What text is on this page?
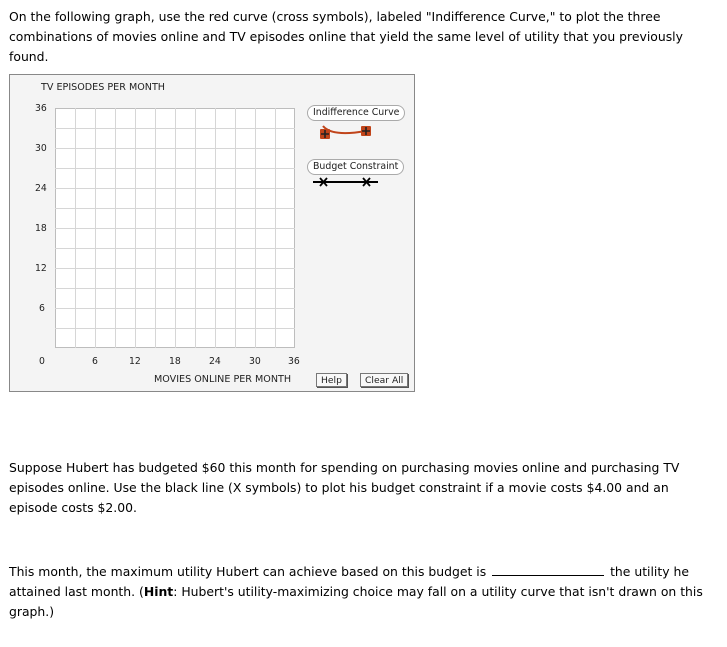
On the following graph, use the red curve (cross symbols), labeled "Indifference Curve," to plot the three combinations of movies online and TV episodes online that yield the same level of utility that you previously found.

TV EPISODES PER MONTH
36
30
24
18
12
6
0	6	12	18	24	30	36
MOVIES ONLINE PER MONTH
Indifference Curve
Budget Constraint
Help	Clear All

Suppose Hubert has budgeted $60 this month for spending on purchasing movies online and purchasing TV episodes online. Use the black line (X symbols) to plot his budget constraint if a movie costs $4.00 and an episode costs $2.00.

This month, the maximum utility Hubert can achieve based on this budget is	the utility he attained last month. (Hint: Hubert's utility-maximizing choice may fall on a utility curve that isn't drawn on this graph.)
